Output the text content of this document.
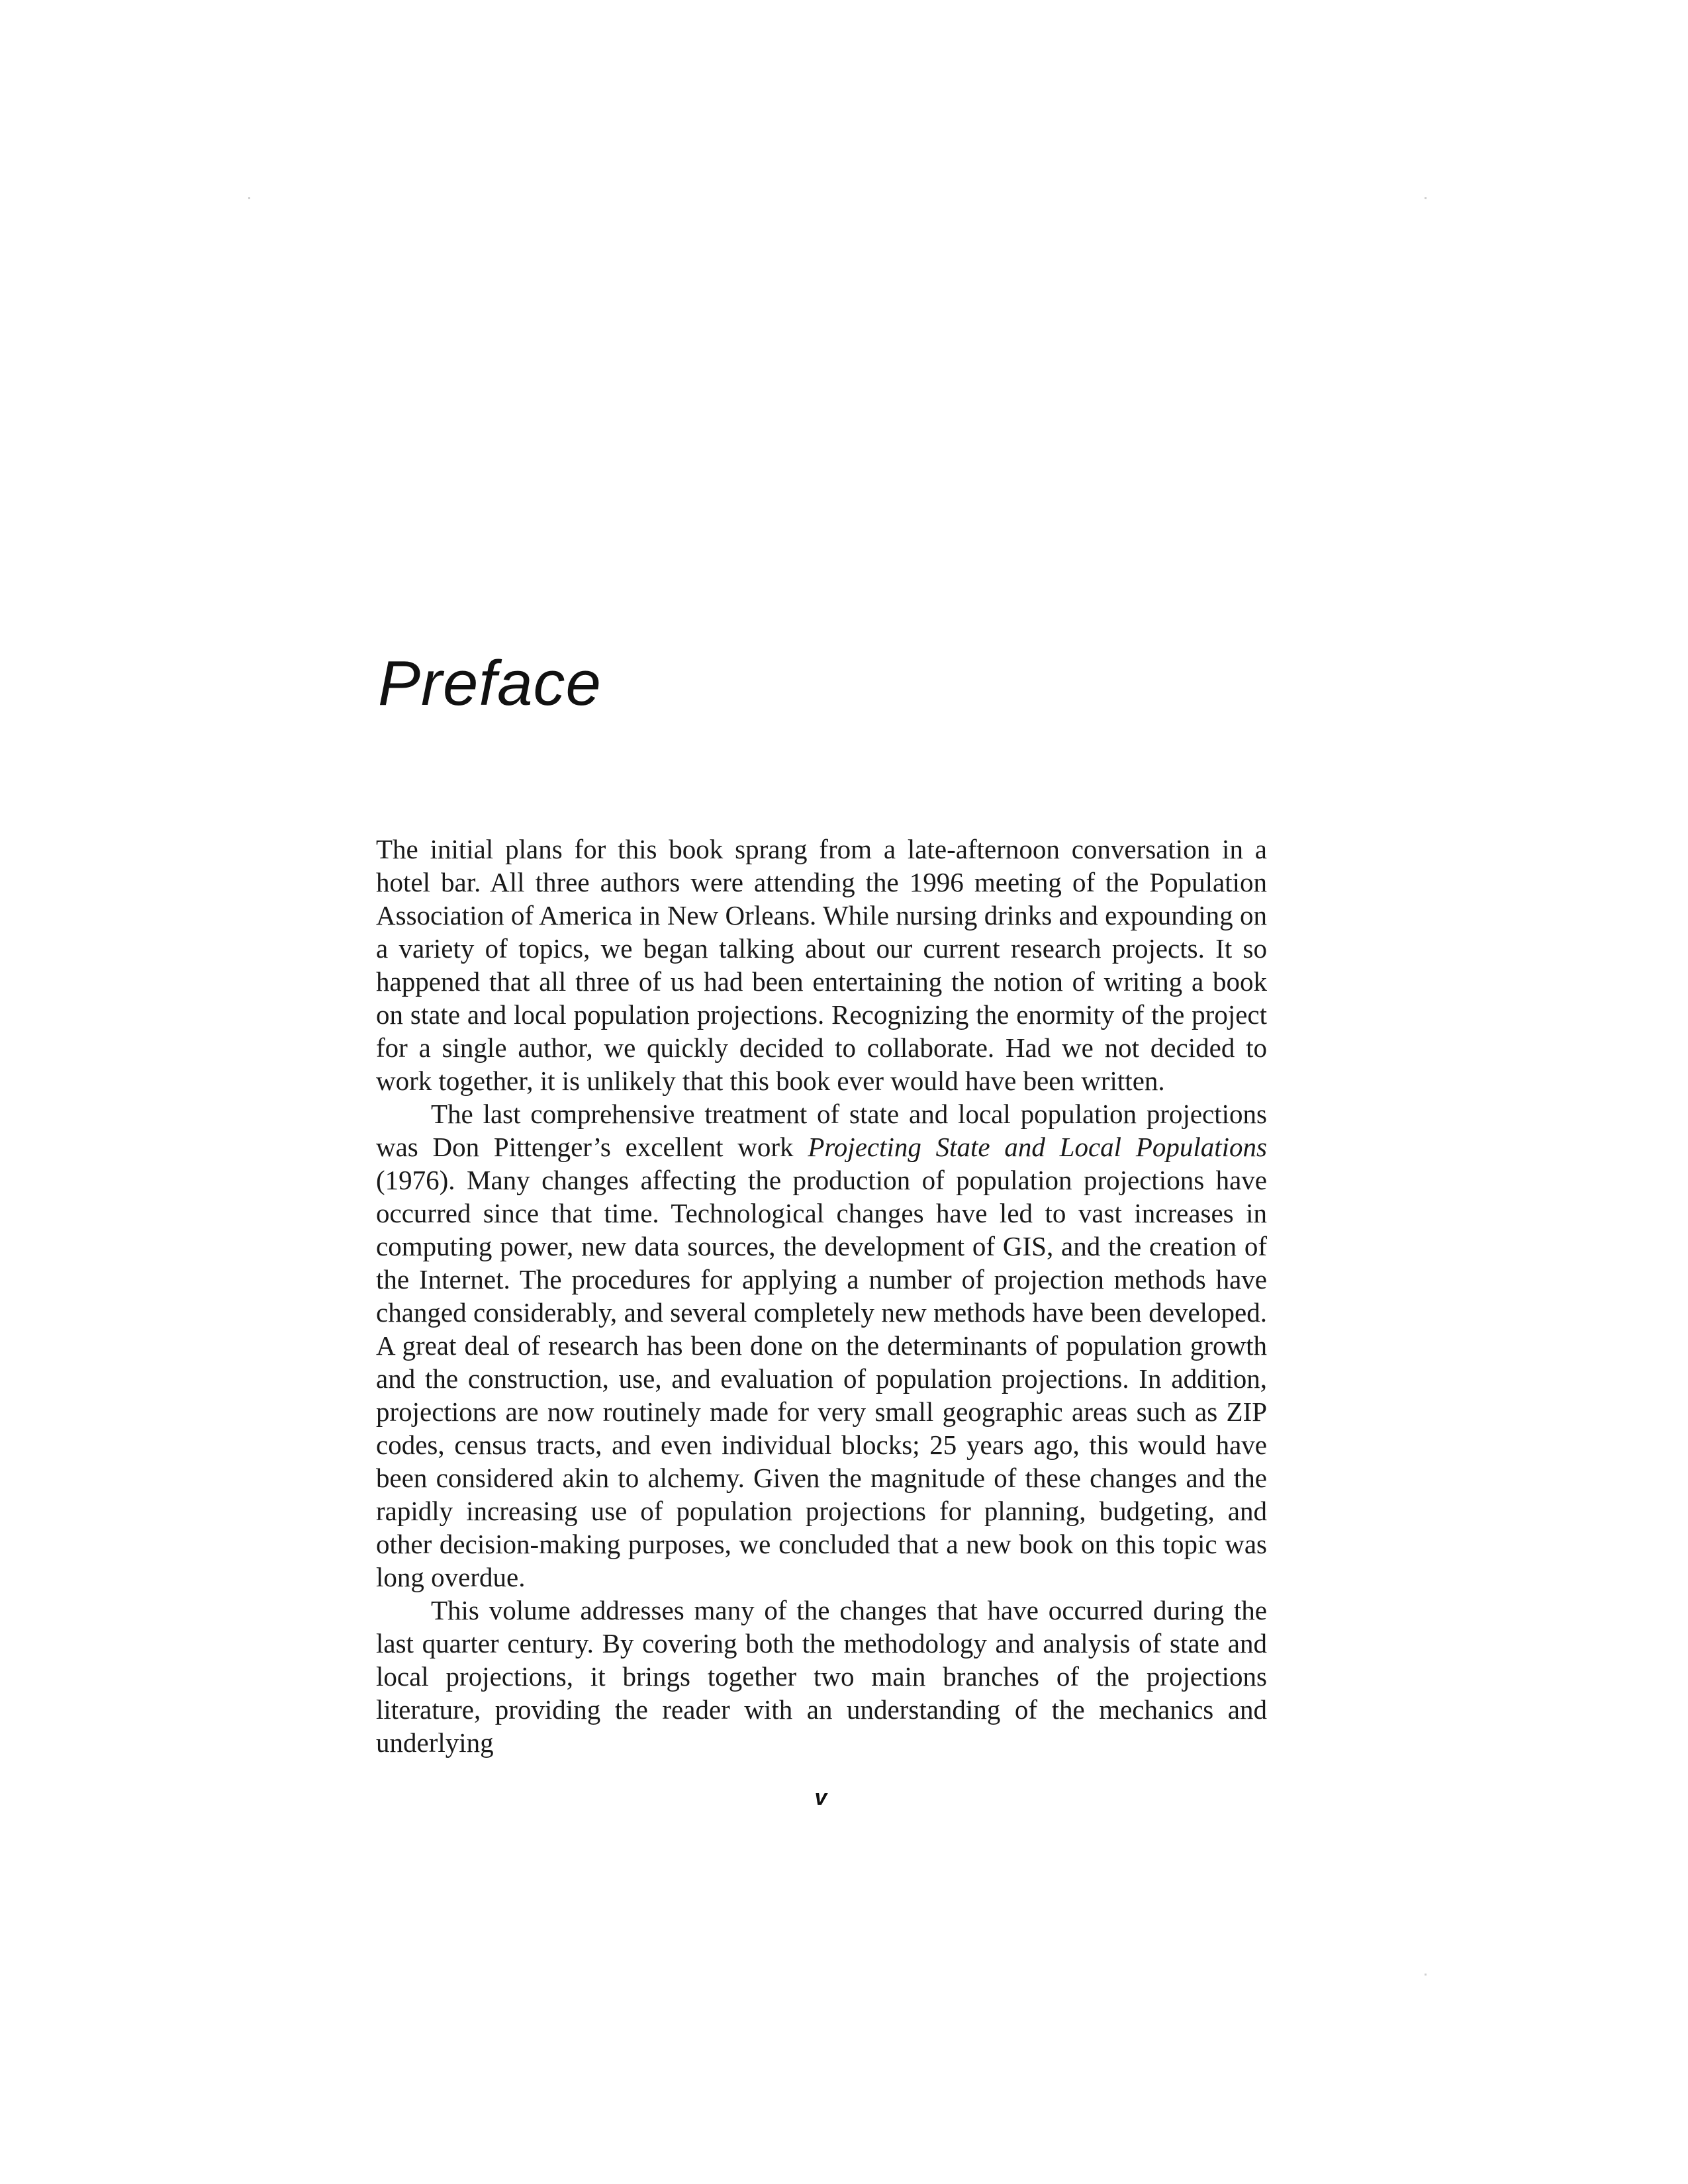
Preface

The initial plans for this book sprang from a late-afternoon conversation in a hotel bar. All three authors were attending the 1996 meeting of the Population Association of America in New Orleans. While nursing drinks and expounding on a variety of topics, we began talking about our current research projects. It so happened that all three of us had been entertaining the notion of writing a book on state and local population projections. Recognizing the enormity of the project for a single author, we quickly decided to collaborate. Had we not decided to work together, it is unlikely that this book ever would have been written.

The last comprehensive treatment of state and local population projections was Don Pittenger’s excellent work Projecting State and Local Populations (1976). Many changes affecting the production of population projections have occurred since that time. Technological changes have led to vast increases in computing power, new data sources, the development of GIS, and the creation of the Internet. The procedures for applying a number of projection methods have changed considerably, and several completely new methods have been developed. A great deal of research has been done on the determinants of population growth and the construction, use, and evaluation of population projections. In addition, projections are now routinely made for very small geographic areas such as ZIP codes, census tracts, and even individual blocks; 25 years ago, this would have been considered akin to alchemy. Given the magnitude of these changes and the rapidly increasing use of population projections for planning, budgeting, and other decision-making purposes, we concluded that a new book on this topic was long overdue.

This volume addresses many of the changes that have occurred during the last quarter century. By covering both the methodology and analysis of state and local projections, it brings together two main branches of the projections literature, providing the reader with an understanding of the mechanics and underlying

v
